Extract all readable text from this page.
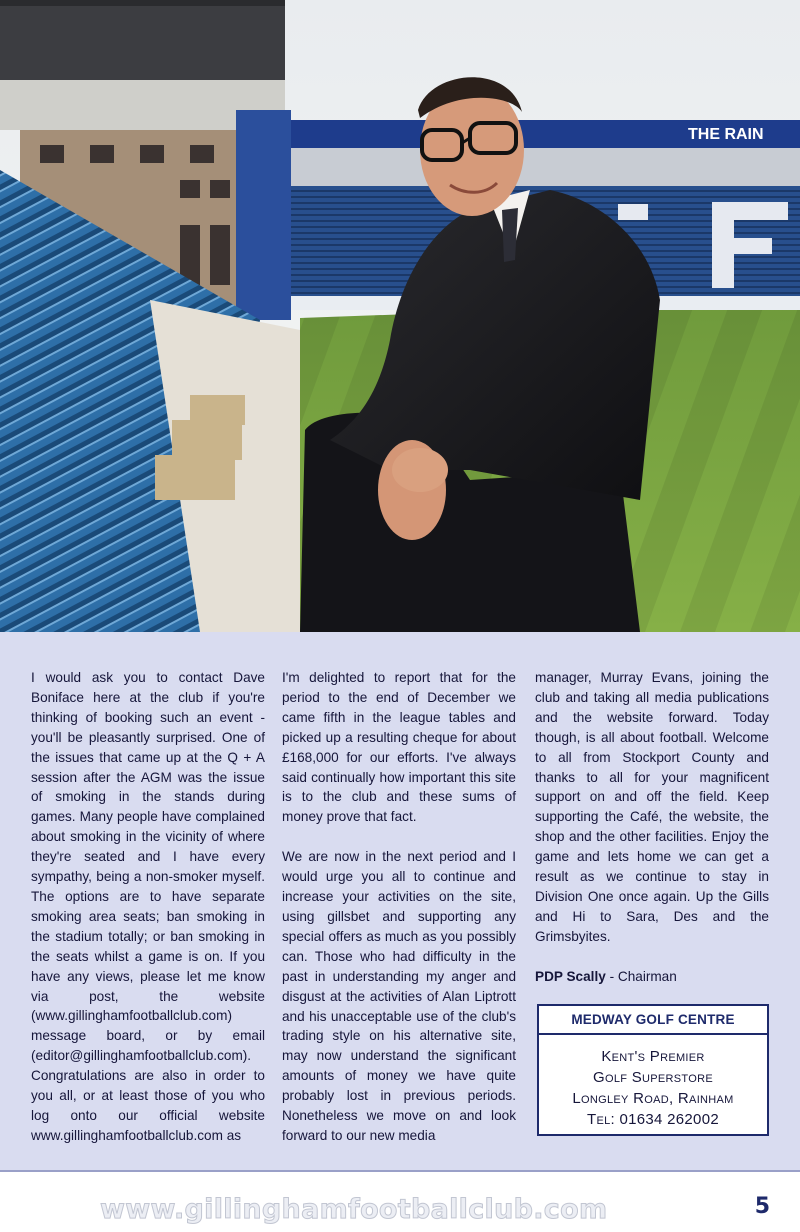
THE RAIN

I would ask you to contact Dave Boniface here at the club if you're thinking of booking such an event - you'll be pleasantly surprised. One of the issues that came up at the Q + A session after the AGM was the issue of smoking in the stands during games. Many people have complained about smoking in the vicinity of where they're seated and I have every sympathy, being a non-smoker myself. The options are to have separate smoking area seats; ban smoking in the stadium totally; or ban smoking in the seats whilst a game is on. If you have any views, please let me know via post, the website (www.gillinghamfootballclub.com) message board, or by email (editor@gillinghamfootballclub.com). Congratulations are also in order to you all, or at least those of you who log onto our official website www.gillinghamfootballclub.com as

I'm delighted to report that for the period to the end of December we came fifth in the league tables and picked up a resulting cheque for about £168,000 for our efforts. I've always said continually how important this site is to the club and these sums of money prove that fact.

We are now in the next period and I would urge you all to continue and increase your activities on the site, using gillsbet and supporting any special offers as much as you possibly can. Those who had difficulty in the past in understanding my anger and disgust at the activities of Alan Liptrott and his unacceptable use of the club's trading style on his alternative site, may now understand the significant amounts of money we have quite probably lost in previous periods. Nonetheless we move on and look forward to our new media

manager, Murray Evans, joining the club and taking all media publications and the website forward. Today though, is all about football. Welcome to all from Stockport County and thanks to all for your magnificent support on and off the field. Keep supporting the Café, the website, the shop and the other facilities. Enjoy the game and lets home we can get a result as we continue to stay in Division One once again. Up the Gills and Hi to Sara, Des and the Grimsbyites.

PDP Scally - Chairman

MEDWAY GOLF CENTRE
Kent's Premier
Golf Superstore
Longley Road, Rainham
Tel: 01634 262002
www.gillinghamfootballclub.com	5
